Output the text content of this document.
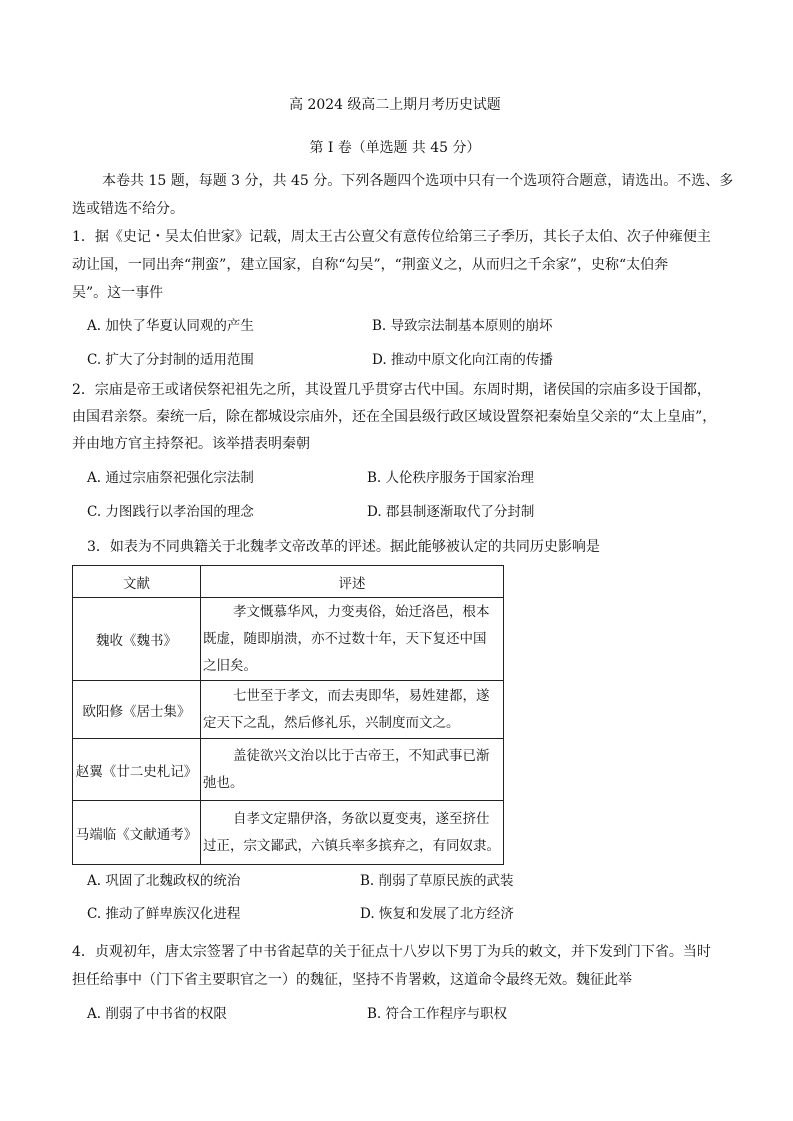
高 2024 级高二上期月考历史试题
第 I 卷（单选题 共 45 分）
本卷共 15 题，每题 3 分，共 45 分。下列各题四个选项中只有一个选项符合题意，请选出。不选、多
选或错选不给分。
1．据《史记・吴太伯世家》记载，周太王古公亶父有意传位给第三子季历，其长子太伯、次子仲雍便主
动让国，一同出奔“荆蛮”，建立国家，自称“勾吴”，“荆蛮义之，从而归之千余家”，史称“太伯奔
吴”。这一事件
A. 加快了华夏认同观的产生	B. 导致宗法制基本原则的崩坏
C. 扩大了分封制的适用范围	D. 推动中原文化向江南的传播
2．宗庙是帝王或诸侯祭祀祖先之所，其设置几乎贯穿古代中国。东周时期，诸侯国的宗庙多设于国都，
由国君亲祭。秦统一后，除在都城设宗庙外，还在全国县级行政区域设置祭祀秦始皇父亲的“太上皇庙”，
并由地方官主持祭祀。该举措表明秦朝
A. 通过宗庙祭祀强化宗法制	B. 人伦秩序服务于国家治理
C. 力图践行以孝治国的理念	D. 郡县制逐渐取代了分封制
3．如表为不同典籍关于北魏孝文帝改革的评述。据此能够被认定的共同历史影响是
文献	评述
魏收《魏书》	孝文慨慕华风，力变夷俗，始迁洛邑，根本
既虚，随即崩溃，亦不过数十年，天下复还中国
之旧矣。

欧阳修《居士集》	七世至于孝文，而去夷即华，易姓建都，遂
定天下之乱，然后修礼乐，兴制度而文之。

赵翼《廿二史札记》	盖徒欲兴文治以比于古帝王，不知武事已渐
弛也。

马端临《文献通考》	自孝文定鼎伊洛，务欲以夏变夷，遂至挤仕
过正，宗文鄙武，六镇兵率多摈弃之，有同奴隶。
A. 巩固了北魏政权的统治	B. 削弱了草原民族的武装
C. 推动了鲜卑族汉化进程	D. 恢复和发展了北方经济
4．贞观初年，唐太宗签署了中书省起草的关于征点十八岁以下男丁为兵的敕文，并下发到门下省。当时
担任给事中（门下省主要职官之一）的魏征，坚持不肯署敕，这道命令最终无效。魏征此举
A. 削弱了中书省的权限	B. 符合工作程序与职权
